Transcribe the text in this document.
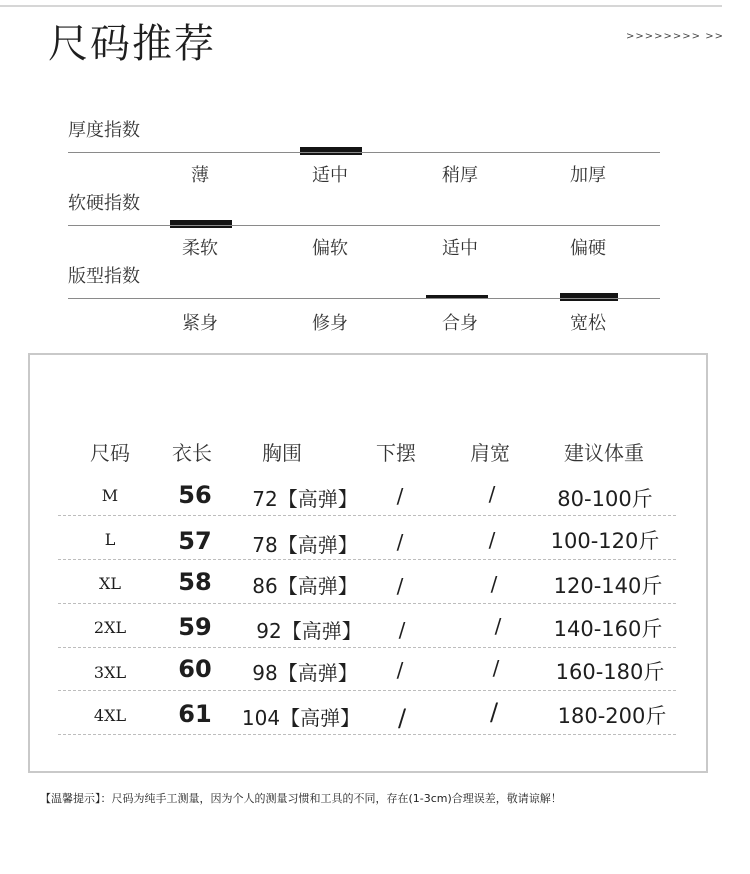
尺码推荐	>>>>>>>> >>
厚度指数
薄	适中	稍厚	加厚
软硬指数
柔软	偏软	适中	偏硬
版型指数
紧身	修身	合身	宽松
尺码	衣长	胸围	下摆	肩宽	建议体重
M	56	72【高弹】	/	/	80-100斤
L	57	78【高弹】	/	/	100-120斤
XL	58	86【高弹】	/	/	120-140斤
2XL	59	92【高弹】	/	/	140-160斤
3XL	60	98【高弹】	/	/	160-180斤
4XL	61	104【高弹】	/	/	180-200斤
【温馨提示】：尺码为纯手工测量，因为个人的测量习惯和工具的不同，存在(1-3cm)合理误差，敬请谅解！
